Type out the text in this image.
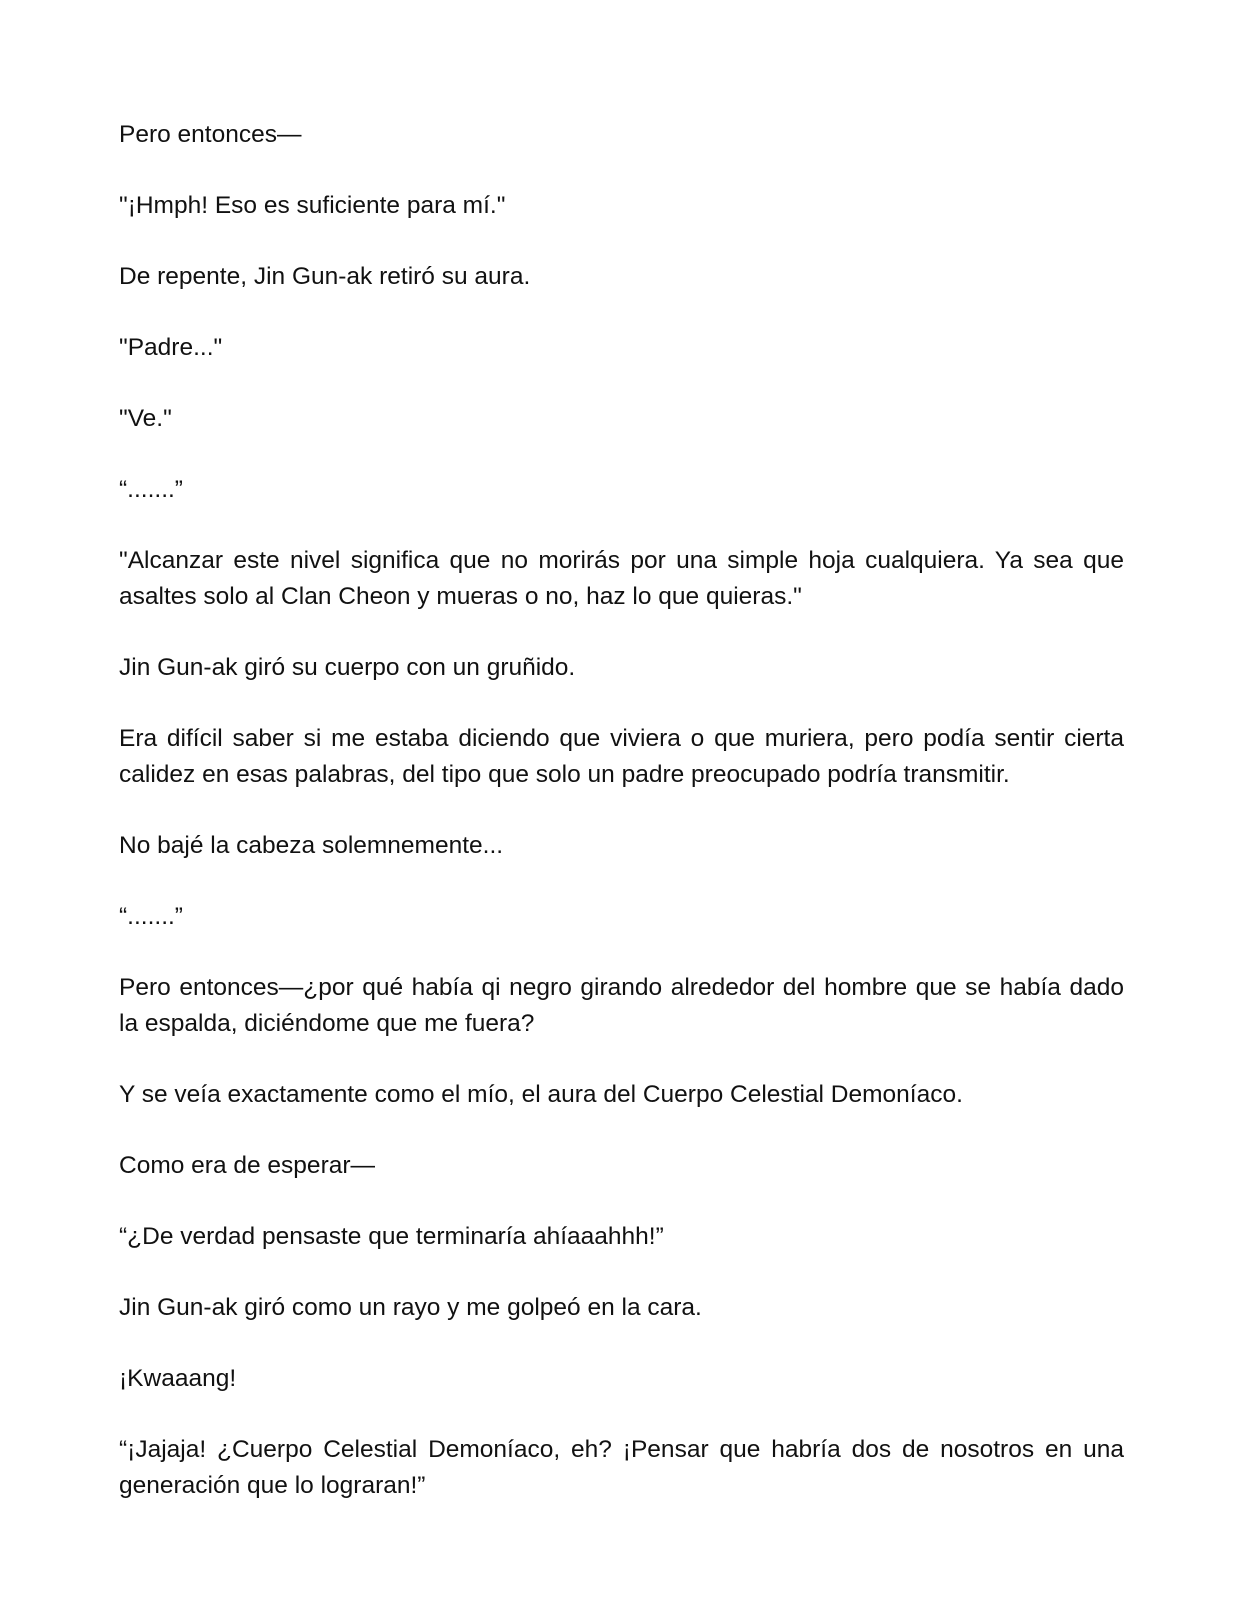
Pero entonces—

"¡Hmph! Eso es suficiente para mí."

De repente, Jin Gun-ak retiró su aura.

"Padre..."

"Ve."

“.......”

"Alcanzar este nivel significa que no morirás por una simple hoja cualquiera. Ya sea que asaltes solo al Clan Cheon y mueras o no, haz lo que quieras."

Jin Gun-ak giró su cuerpo con un gruñido.

Era difícil saber si me estaba diciendo que viviera o que muriera, pero podía sentir cierta calidez en esas palabras, del tipo que solo un padre preocupado podría transmitir.

No bajé la cabeza solemnemente...

“.......”

Pero entonces—¿por qué había qi negro girando alrededor del hombre que se había dado la espalda, diciéndome que me fuera?

Y se veía exactamente como el mío, el aura del Cuerpo Celestial Demoníaco.

Como era de esperar—

“¿De verdad pensaste que terminaría ahíaaahhh!”

Jin Gun-ak giró como un rayo y me golpeó en la cara.

¡Kwaaang!

“¡Jajaja! ¿Cuerpo Celestial Demoníaco, eh? ¡Pensar que habría dos de nosotros en una generación que lo lograran!”
